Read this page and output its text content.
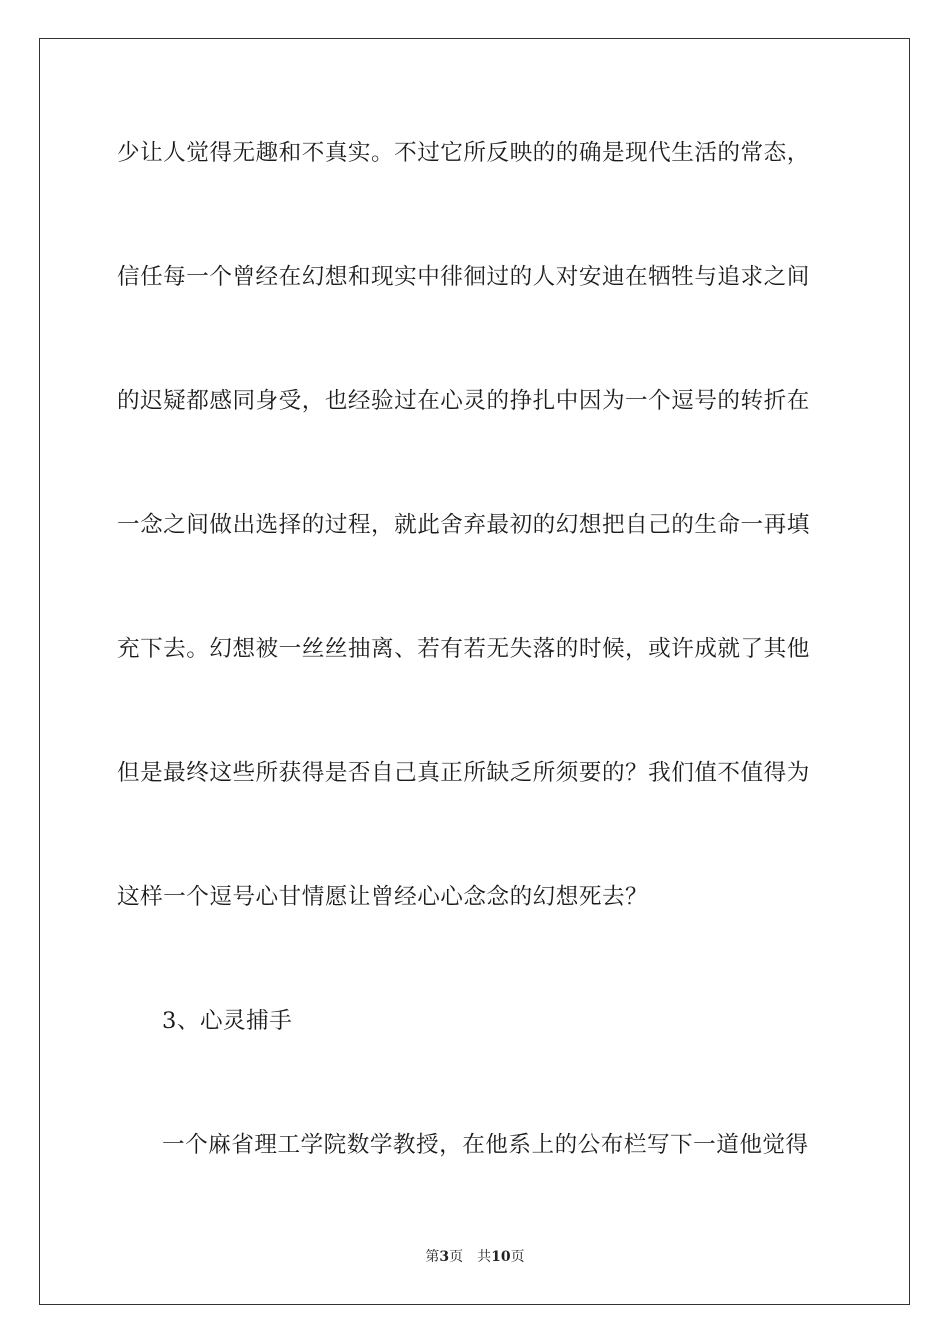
少让人觉得无趣和不真实。不过它所反映的的确是现代生活的常态，
信任每一个曾经在幻想和现实中徘徊过的人对安迪在牺牲与追求之间
的迟疑都感同身受，也经验过在心灵的挣扎中因为一个逗号的转折在
一念之间做出选择的过程，就此舍弃最初的幻想把自己的生命一再填
充下去。幻想被一丝丝抽离、若有若无失落的时候，或许成就了其他
但是最终这些所获得是否自己真正所缺乏所须要的？我们值不值得为
这样一个逗号心甘情愿让曾经心心念念的幻想死去？
3、心灵捕手
一个麻省理工学院数学教授，在他系上的公布栏写下一道他觉得
第3页 共10页
